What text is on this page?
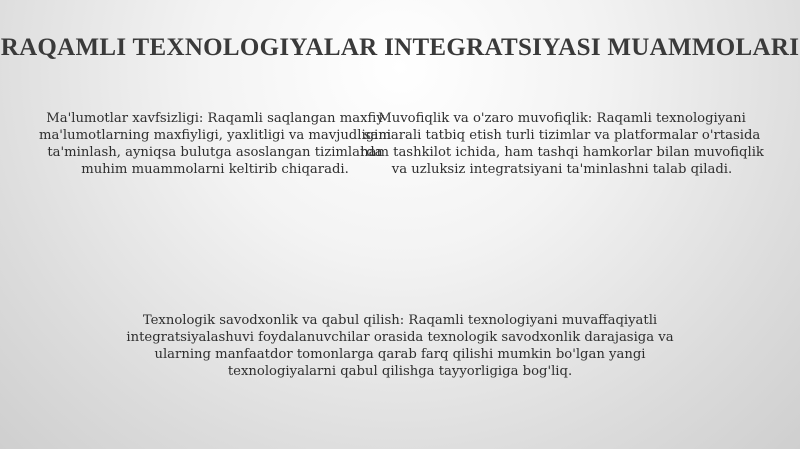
RAQAMLI TEXNOLOGIYALAR INTEGRATSIYASI MUAMMOLARI
Ma'lumotlar xavfsizligi: Raqamli saqlangan maxfiy ma'lumotlarning maxfiyligi, yaxlitligi va mavjudligini ta'minlash, ayniqsa bulutga asoslangan tizimlarda muhim muammolarni keltirib chiqaradi.
Muvofiqlik va o'zaro muvofiqlik: Raqamli texnologiyani samarali tatbiq etish turli tizimlar va platformalar o'rtasida ham tashkilot ichida, ham tashqi hamkorlar bilan muvofiqlik va uzluksiz integratsiyani ta'minlashni talab qiladi.
Texnologik savodxonlik va qabul qilish: Raqamli texnologiyani muvaffaqiyatli integratsiyalashuvi foydalanuvchilar orasida texnologik savodxonlik darajasiga va ularning manfaatdor tomonlarga qarab farq qilishi mumkin bo'lgan yangi texnologiyalarni qabul qilishga tayyorligiga bog'liq.
